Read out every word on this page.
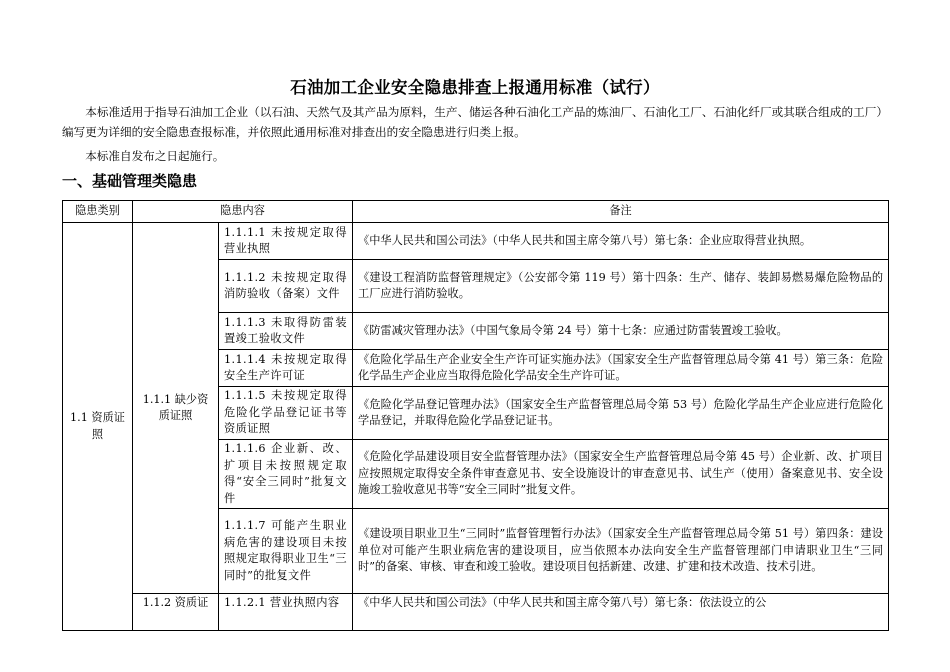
石油加工企业安全隐患排查上报通用标准（试行）

本标准适用于指导石油加工企业（以石油、天然气及其产品为原料，生产、储运各种石油化工产品的炼油厂、石油化工厂、石油化纤厂或其联合组成的工厂）编写更为详细的安全隐患查报标准，并依照此通用标准对排查出的安全隐患进行归类上报。

本标准自发布之日起施行。

一、基础管理类隐患
隐患类别	隐患内容		备注
1.1 资质证照	1.1.1 缺少资质证照	1.1.1.1 未按规定取得营业执照	《中华人民共和国公司法》（中华人民共和国主席令第八号）第七条：企业应取得营业执照。
		1.1.1.2 未按规定取得消防验收（备案）文件	《建设工程消防监督管理规定》（公安部令第 119 号）第十四条：生产、储存、装卸易燃易爆危险物品的工厂应进行消防验收。
		1.1.1.3 未取得防雷装置竣工验收文件	《防雷减灾管理办法》（中国气象局令第 24 号）第十七条：应通过防雷装置竣工验收。
		1.1.1.4 未按规定取得安全生产许可证	《危险化学品生产企业安全生产许可证实施办法》（国家安全生产监督管理总局令第 41 号）第三条：危险化学品生产企业应当取得危险化学品安全生产许可证。
		1.1.1.5 未按规定取得危险化学品登记证书等资质证照	《危险化学品登记管理办法》（国家安全生产监督管理总局令第 53 号）危险化学品生产企业应进行危险化学品登记，并取得危险化学品登记证书。
		1.1.1.6 企业新、改、扩项目未按照规定取得“安全三同时”批复文件	《危险化学品建设项目安全监督管理办法》（国家安全生产监督管理总局令第 45 号）企业新、改、扩项目应按照规定取得安全条件审查意见书、安全设施设计的审查意见书、试生产（使用）备案意见书、安全设施竣工验收意见书等“安全三同时”批复文件。
		1.1.1.7 可能产生职业病危害的建设项目未按照规定取得职业卫生“三同时”的批复文件	《建设项目职业卫生“三同时”监督管理暂行办法》（国家安全生产监督管理总局令第 51 号）第四条：建设单位对可能产生职业病危害的建设项目，应当依照本办法向安全生产监督管理部门申请职业卫生“三同时”的备案、审核、审查和竣工验收。建设项目包括新建、改建、扩建和技术改造、技术引进。
	1.1.2 资质证	1.1.2.1 营业执照内容	《中华人民共和国公司法》（中华人民共和国主席令第八号）第七条：依法设立的公
